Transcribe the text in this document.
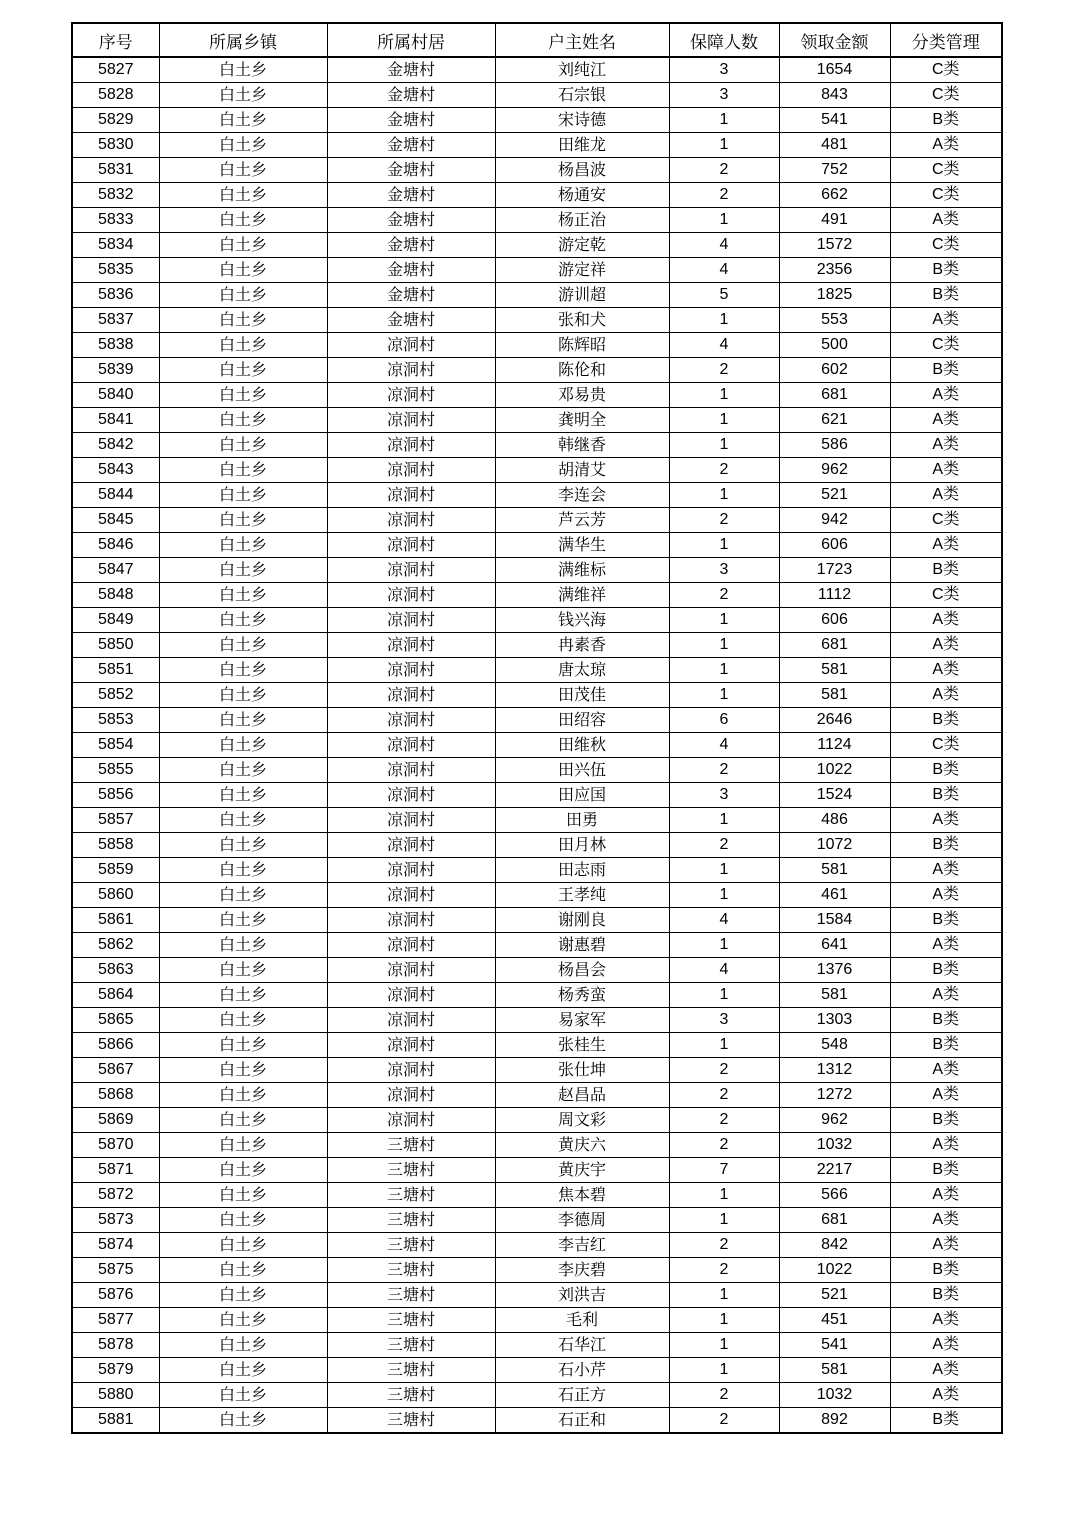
序号	所属乡镇	所属村居	户主姓名	保障人数	领取金额	分类管理
5827	白土乡	金塘村	刘纯江	3	1654	C类
5828	白土乡	金塘村	石宗银	3	843	C类
5829	白土乡	金塘村	宋诗德	1	541	B类
5830	白土乡	金塘村	田维龙	1	481	A类
5831	白土乡	金塘村	杨昌波	2	752	C类
5832	白土乡	金塘村	杨通安	2	662	C类
5833	白土乡	金塘村	杨正治	1	491	A类
5834	白土乡	金塘村	游定乾	4	1572	C类
5835	白土乡	金塘村	游定祥	4	2356	B类
5836	白土乡	金塘村	游训超	5	1825	B类
5837	白土乡	金塘村	张和犬	1	553	A类
5838	白土乡	凉洞村	陈辉昭	4	500	C类
5839	白土乡	凉洞村	陈伦和	2	602	B类
5840	白土乡	凉洞村	邓易贵	1	681	A类
5841	白土乡	凉洞村	龚明全	1	621	A类
5842	白土乡	凉洞村	韩继香	1	586	A类
5843	白土乡	凉洞村	胡清艾	2	962	A类
5844	白土乡	凉洞村	李连会	1	521	A类
5845	白土乡	凉洞村	芦云芳	2	942	C类
5846	白土乡	凉洞村	满华生	1	606	A类
5847	白土乡	凉洞村	满维标	3	1723	B类
5848	白土乡	凉洞村	满维祥	2	1112	C类
5849	白土乡	凉洞村	钱兴海	1	606	A类
5850	白土乡	凉洞村	冉素香	1	681	A类
5851	白土乡	凉洞村	唐太琼	1	581	A类
5852	白土乡	凉洞村	田茂佳	1	581	A类
5853	白土乡	凉洞村	田绍容	6	2646	B类
5854	白土乡	凉洞村	田维秋	4	1124	C类
5855	白土乡	凉洞村	田兴伍	2	1022	B类
5856	白土乡	凉洞村	田应国	3	1524	B类
5857	白土乡	凉洞村	田勇	1	486	A类
5858	白土乡	凉洞村	田月林	2	1072	B类
5859	白土乡	凉洞村	田志雨	1	581	A类
5860	白土乡	凉洞村	王孝纯	1	461	A类
5861	白土乡	凉洞村	谢刚良	4	1584	B类
5862	白土乡	凉洞村	谢惠碧	1	641	A类
5863	白土乡	凉洞村	杨昌会	4	1376	B类
5864	白土乡	凉洞村	杨秀蛮	1	581	A类
5865	白土乡	凉洞村	易家军	3	1303	B类
5866	白土乡	凉洞村	张桂生	1	548	B类
5867	白土乡	凉洞村	张仕坤	2	1312	A类
5868	白土乡	凉洞村	赵昌品	2	1272	A类
5869	白土乡	凉洞村	周文彩	2	962	B类
5870	白土乡	三塘村	黄庆六	2	1032	A类
5871	白土乡	三塘村	黄庆宇	7	2217	B类
5872	白土乡	三塘村	焦本碧	1	566	A类
5873	白土乡	三塘村	李德周	1	681	A类
5874	白土乡	三塘村	李吉红	2	842	A类
5875	白土乡	三塘村	李庆碧	2	1022	B类
5876	白土乡	三塘村	刘洪吉	1	521	B类
5877	白土乡	三塘村	毛利	1	451	A类
5878	白土乡	三塘村	石华江	1	541	A类
5879	白土乡	三塘村	石小芹	1	581	A类
5880	白土乡	三塘村	石正方	2	1032	A类
5881	白土乡	三塘村	石正和	2	892	B类
